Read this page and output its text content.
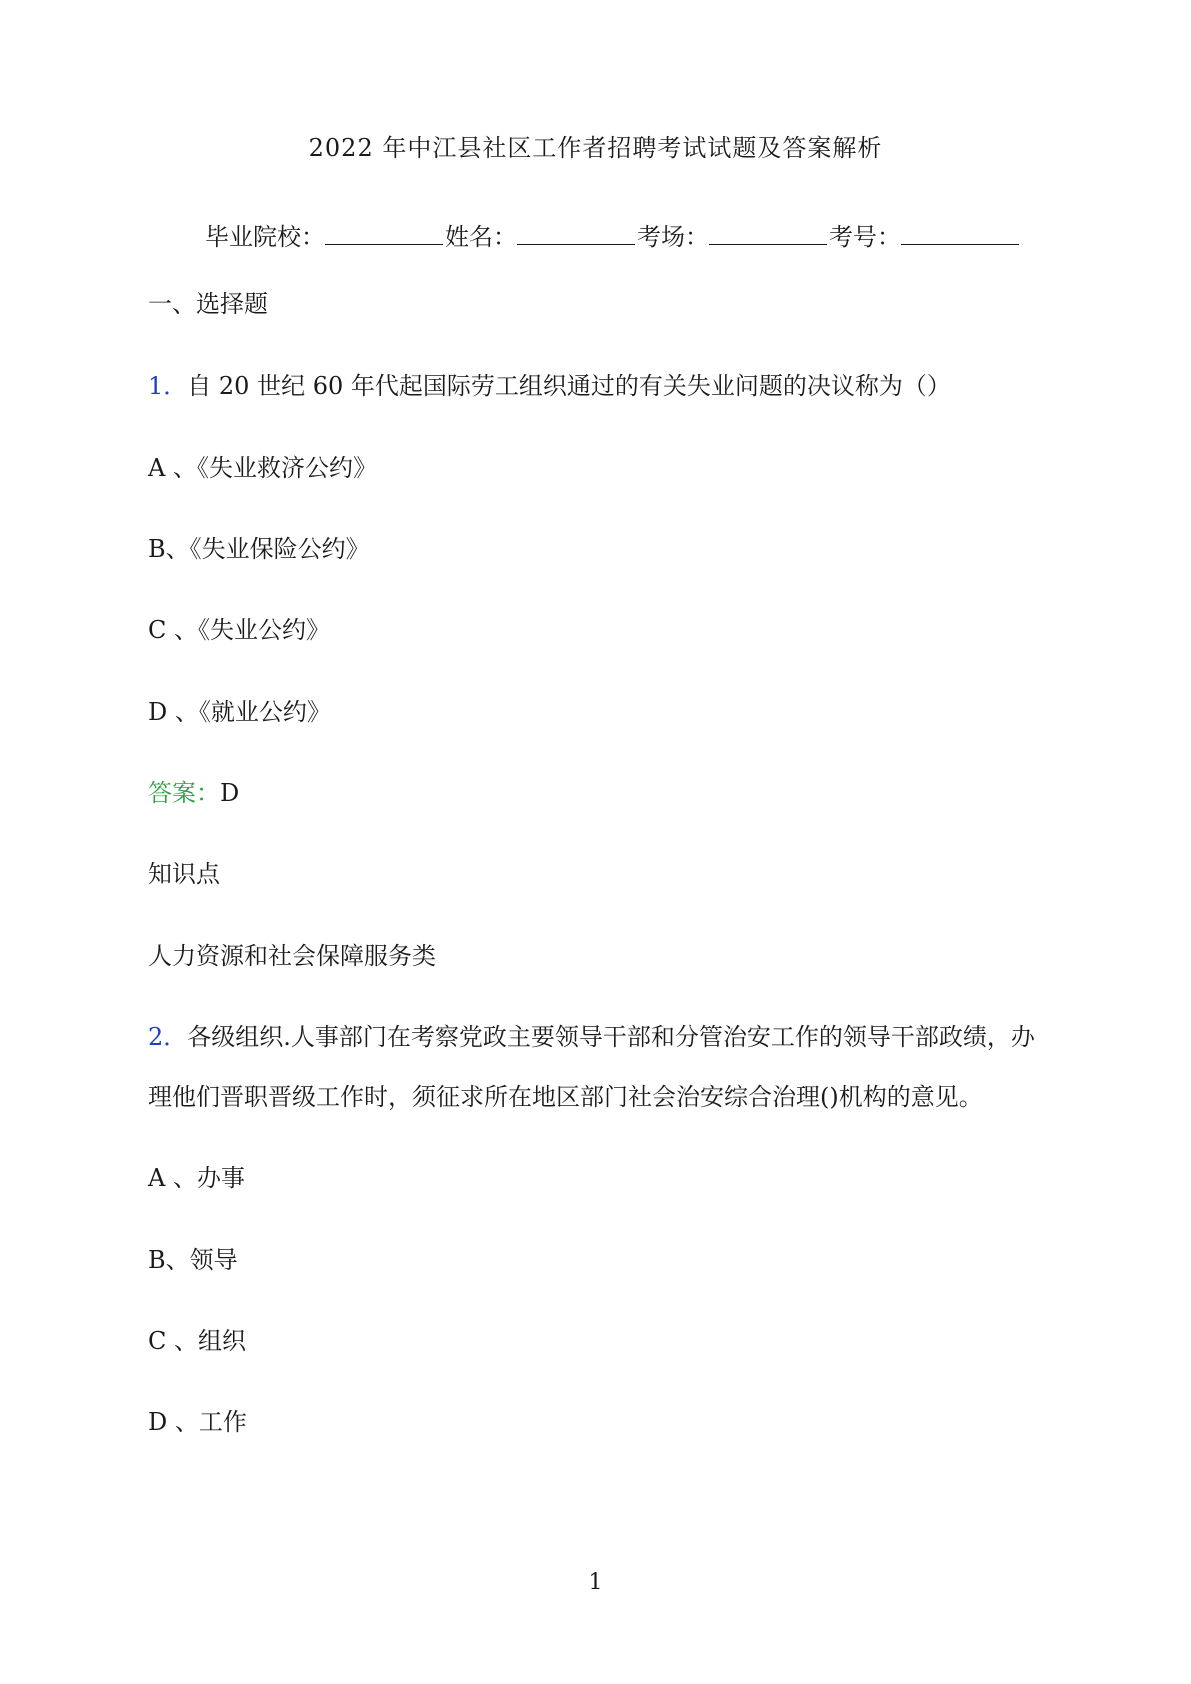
2022 年中江县社区工作者招聘考试试题及答案解析
毕业院校：	姓名：	考场：	考号：
一、选择题
1．自 20 世纪 60 年代起国际劳工组织通过的有关失业问题的决议称为（）
A 、《失业救济公约》
B、《失业保险公约》
C 、《失业公约》
D 、《就业公约》
答案：D
知识点
人力资源和社会保障服务类
2．各级组织.人事部门在考察党政主要领导干部和分管治安工作的领导干部政绩，办
理他们晋职晋级工作时，须征求所在地区部门社会治安综合治理()机构的意见。
A 、办事
B、领导
C 、组织
D 、工作
1
